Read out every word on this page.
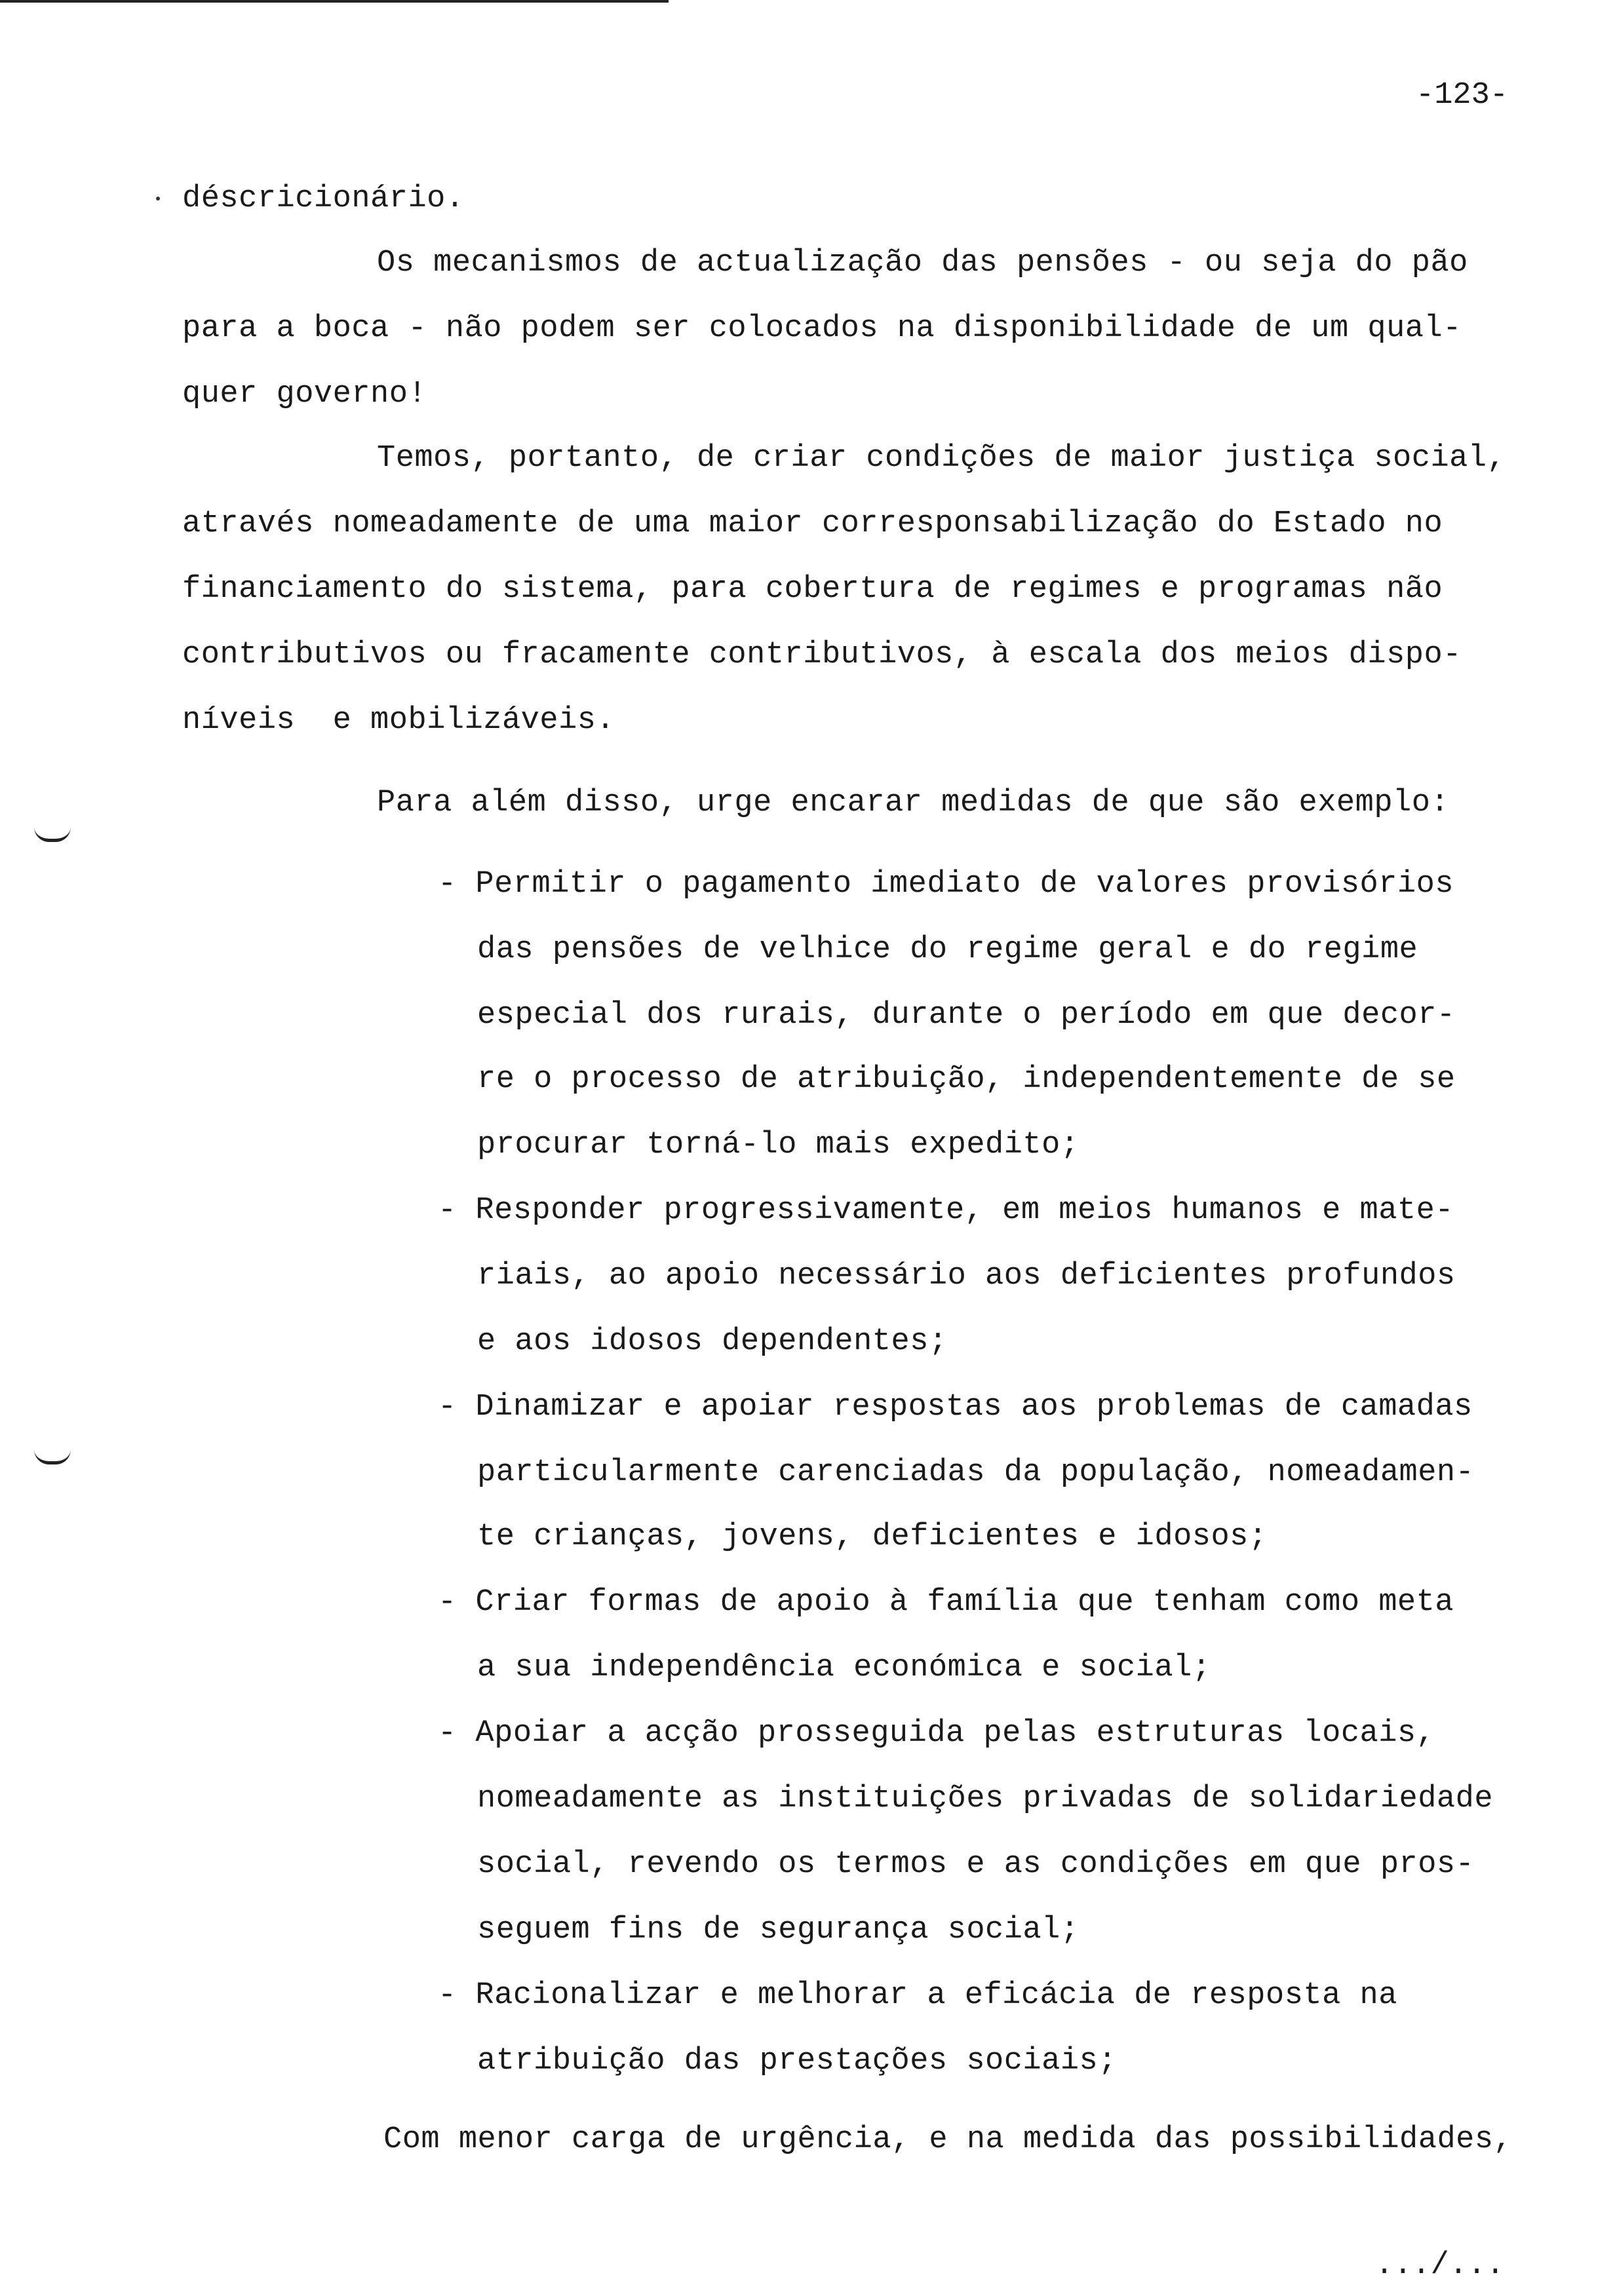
-123-
déscricionário.
Os mecanismos de actualização das pensões - ou seja do pão
para a boca - não podem ser colocados na disponibilidade de um qual-
quer governo!
Temos, portanto, de criar condições de maior justiça social,
através nomeadamente de uma maior corresponsabilização do Estado no
financiamento do sistema, para cobertura de regimes e programas não
contributivos ou fracamente contributivos, à escala dos meios dispo-
níveis  e mobilizáveis.
Para além disso, urge encarar medidas de que são exemplo:
- Permitir o pagamento imediato de valores provisórios
das pensões de velhice do regime geral e do regime
especial dos rurais, durante o período em que decor-
re o processo de atribuição, independentemente de se
procurar torná-lo mais expedito;
- Responder progressivamente, em meios humanos e mate-
riais, ao apoio necessário aos deficientes profundos
e aos idosos dependentes;
- Dinamizar e apoiar respostas aos problemas de camadas
particularmente carenciadas da população, nomeadamen-
te crianças, jovens, deficientes e idosos;
- Criar formas de apoio à família que tenham como meta
a sua independência económica e social;
- Apoiar a acção prosseguida pelas estruturas locais,
nomeadamente as instituições privadas de solidariedade
social, revendo os termos e as condições em que pros-
seguem fins de segurança social;
- Racionalizar e melhorar a eficácia de resposta na
atribuição das prestações sociais;
Com menor carga de urgência, e na medida das possibilidades,
.../...
